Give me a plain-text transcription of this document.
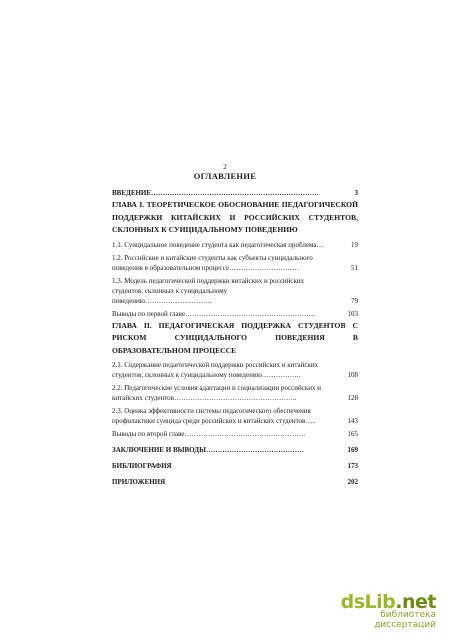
2
ОГЛАВЛЕНИЕ
ВВЕДЕНИЕ………………………………………………………………	3
ГЛАВА I. ТЕОРЕТИЧЕСКОЕ ОБОСНОВАНИЕ ПЕДАГОГИЧЕСКОЙ ПОДДЕРЖКИ КИТАЙСКИХ И РОССИЙСКИХ СТУДЕНТОВ, СКЛОННЫХ К СУИЦИДАЛЬНОМУ ПОВЕДЕНИЮ
1.1. Суицидальное поведение студента как педагогическая проблема…	19
1.2. Российские и китайские студенты как субъекты суицидального поведения в образовательном процессе…………………………	51
1.3. Модель педагогической поддержки китайских и российских студентов, склонных к суицидальному поведению………………………..	79
Выводы по первой главе………………………………………………..	103
ГЛАВА II. ПЕДАГОГИЧЕСКАЯ ПОДДЕРЖКА СТУДЕНТОВ С РИСКОМ СУИЦИДАЛЬНОГО ПОВЕДЕНИЯ В ОБРАЗОВАТЕЛЬНОМ ПРОЦЕССЕ
2.1. Содержание педагогической поддержки российских и китайских студентов, склонных к суицидальному поведению……………..	108
2.2. Педагогические условия адаптации и социализации российских и китайских студентов……………………………………………..	128
2.3. Оценка эффективности системы педагогического обеспечения профилактики суицида среди российских и китайских студентов…..	143
Выводы по второй главе…………………………………………….	165
ЗАКЛЮЧЕНИЕ И ВЫВОДЫ……………………………………	169
БИБЛИОГРАФИЯ	173
ПРИЛОЖЕНИЯ	202
dsLib.net
библиотека диссертаций
